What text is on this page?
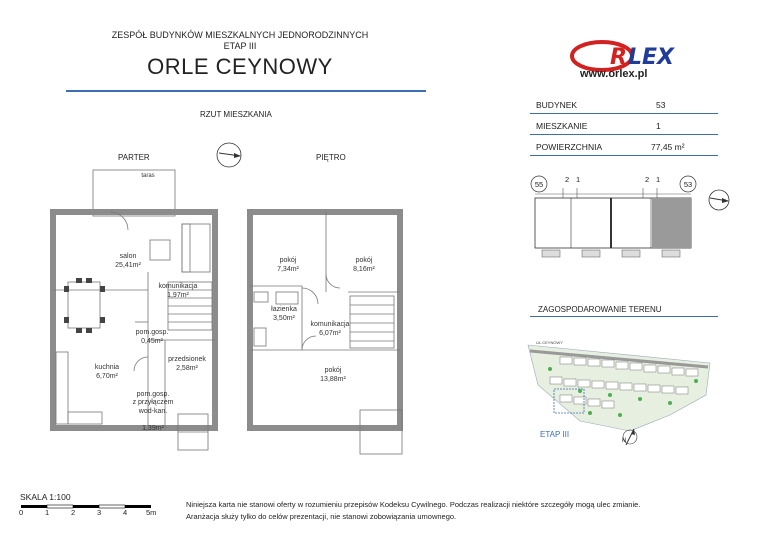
ZESPÓŁ BUDYNKÓW MIESZKALNYCH JEDNORODZINNYCH
ETAP III
ORLE CEYNOWY	R LEX
www.orlex.pl
RZUT MIESZKANIA
PARTER	PIĘTRO
taras
salon
25,41m²
komunikacja
1,97m²
pom.gosp.
0,45m²
kuchnia
6,70m²
przedsionek
2,58m²

pom.gosp.
z przyłączem
wod-kan.

1,39m²

pokój
7,34m²
pokój
8,16m²
łazienka
3,50m²
komunikacja
6,07m²
pokój
13,88m²
BUDYNEK	53
MIESZKANIE	1
POWIERZCHNIA	77,45 m²
55	53
2 1	2 1
ZAGOSPODAROWANIE TERENU
UL.CEYNOWY
ETAP III
N
SKALA 1:100
0	1	2	3	4	5m
Niniejsza karta nie stanowi oferty w rozumieniu przepisów Kodeksu Cywilnego. Podczas realizacji niektóre szczegóły mogą ulec zmianie.
Aranżacja służy tylko do celów prezentacji, nie stanowi zobowiązania umownego.
